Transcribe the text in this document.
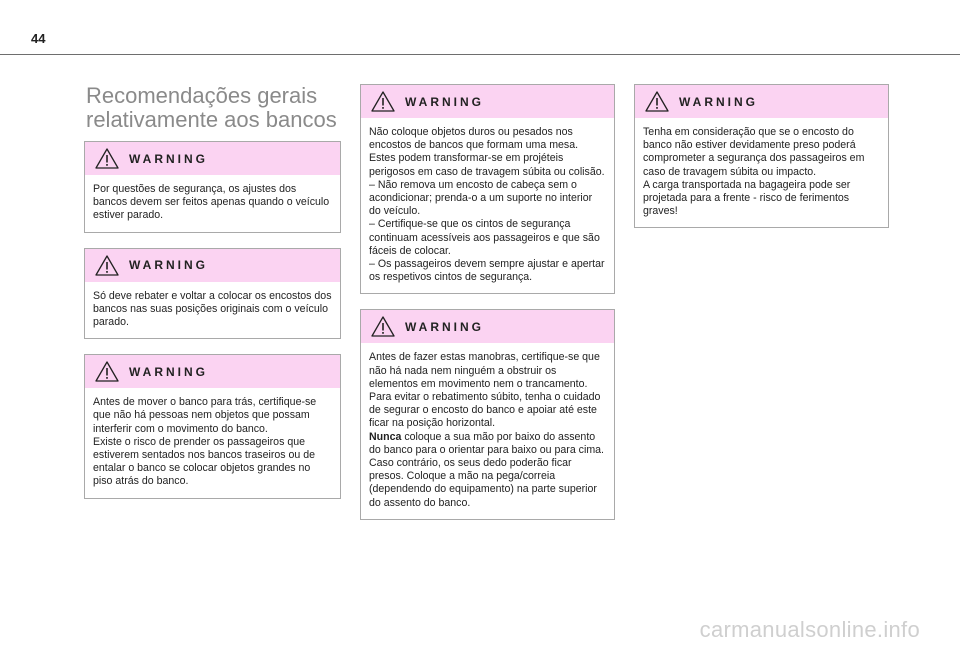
44
Recomendações gerais
relativamente aos bancos
WARNING

Por questões de segurança, os ajustes dos bancos devem ser feitos apenas quando o veículo estiver parado.

WARNING

Só deve rebater e voltar a colocar os encostos dos bancos nas suas posições originais com o veículo parado.

WARNING

Antes de mover o banco para trás, certifique-se que não há pessoas nem objetos que possam interferir com o movimento do banco.

Existe o risco de prender os passageiros que estiverem sentados nos bancos traseiros ou de entalar o banco se colocar objetos grandes no piso atrás do banco.

WARNING

Não coloque objetos duros ou pesados nos encostos de bancos que formam uma mesa. Estes podem transformar-se em projéteis perigosos em caso de travagem súbita ou colisão.

– Não remova um encosto de cabeça sem o acondicionar; prenda-o a um suporte no interior do veículo.

– Certifique-se que os cintos de segurança continuam acessíveis aos passageiros e que são fáceis de colocar.

– Os passageiros devem sempre ajustar e apertar os respetivos cintos de segurança.

WARNING

Antes de fazer estas manobras, certifique-se que não há nada nem ninguém a obstruir os elementos em movimento nem o trancamento.

Para evitar o rebatimento súbito, tenha o cuidado de segurar o encosto do banco e apoiar até este ficar na posição horizontal.

Nunca coloque a sua mão por baixo do assento do banco para o orientar para baixo ou para cima. Caso contrário, os seus dedo poderão ficar presos. Coloque a mão na pega/correia (dependendo do equipamento) na parte superior do assento do banco.

WARNING

Tenha em consideração que se o encosto do banco não estiver devidamente preso poderá comprometer a segurança dos passageiros em caso de travagem súbita ou impacto.

A carga transportada na bagageira pode ser projetada para a frente - risco de ferimentos graves!

carmanualsonline.info
